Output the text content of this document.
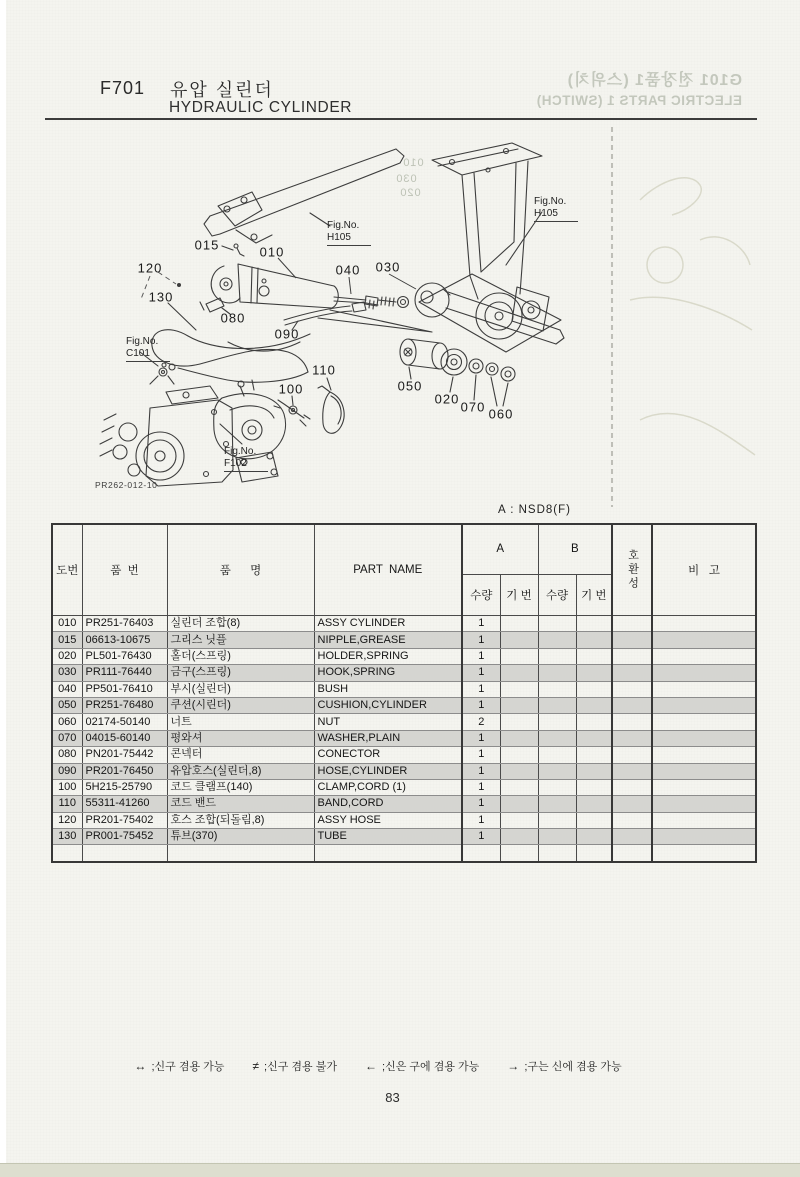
G101 전장품1 (스위치)
ELECTRIC PARTS 1 (SWITCH)
F701 유압 실린더
HYDRAULIC CYLINDER
015	010
120
130
080
090
040 030
100
110
050
020
070 060
Fig.No.
H105
Fig.No.
H105
Fig.No.
C101
Fig.No.
F102
010
030
020
PR262-012-10
A : NSD8(F)
도번	품  번	품      명	PART  NAME	A		B		호환성	비   고
				수량	기 번	수량	기 번		
010	PR251-76403	실린더 조합(8)	ASSY CYLINDER	1					
015	06613-10675	그리스 닛플	NIPPLE,GREASE	1					
020	PL501-76430	홀더(스프링)	HOLDER,SPRING	1					
030	PR111-76440	금구(스프링)	HOOK,SPRING	1					
040	PP501-76410	부시(실린더)	BUSH	1					
050	PR251-76480	쿠션(시린더)	CUSHION,CYLINDER	1					
060	02174-50140	너트	NUT	2					
070	04015-60140	평와셔	WASHER,PLAIN	1					
080	PN201-75442	콘넥터	CONECTOR	1					
090	PR201-76450	유압호스(실린더,8)	HOSE,CYLINDER	1					
100	5H215-25790	코드 클램프(140)	CLAMP,CORD (1)	1					
110	55311-41260	코드 밴드	BAND,CORD	1					
120	PR201-75402	호스 조합(되돌림,8)	ASSY HOSE	1					
130	PR001-75452	튜브(370)	TUBE	1					

↔ ;신구 겸용 가능 ≠ ;신구 겸용 불가 ← ;신은 구에 겸용 가능 → ;구는 신에 겸용 가능
83
